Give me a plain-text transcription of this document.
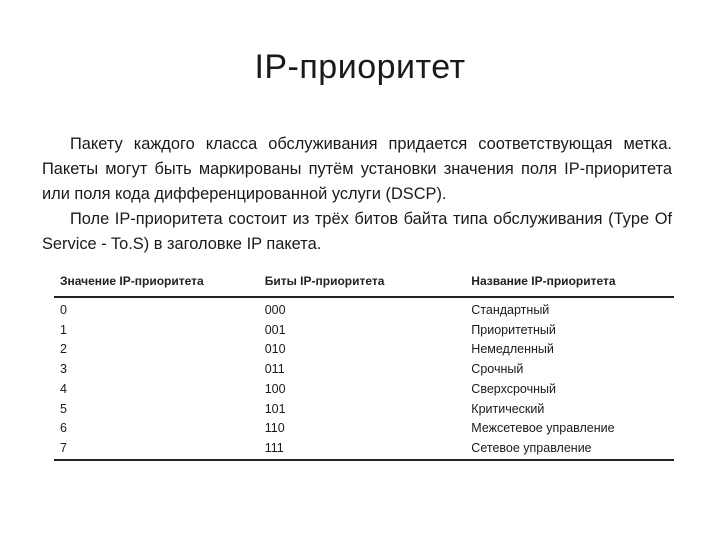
IP-приоритет

Пакету каждого класса обслуживания придается соответствующая метка. Пакеты могут быть маркированы путём установки значения поля IP-приоритета или поля кода дифференцированной услуги (DSCP).

Поле IP-приоритета состоит из трёх битов байта типа обслуживания (Type Of Service - To.S) в заголовке IP пакета.

Значение IP-приоритета	Биты IP-приоритета	Название IP-приоритета
0	000	Стандартный
1	001	Приоритетный
2	010	Немедленный
3	011	Срочный
4	100	Сверхсрочный
5	101	Критический
6	110	Межсетевое управление
7	111	Сетевое управление
